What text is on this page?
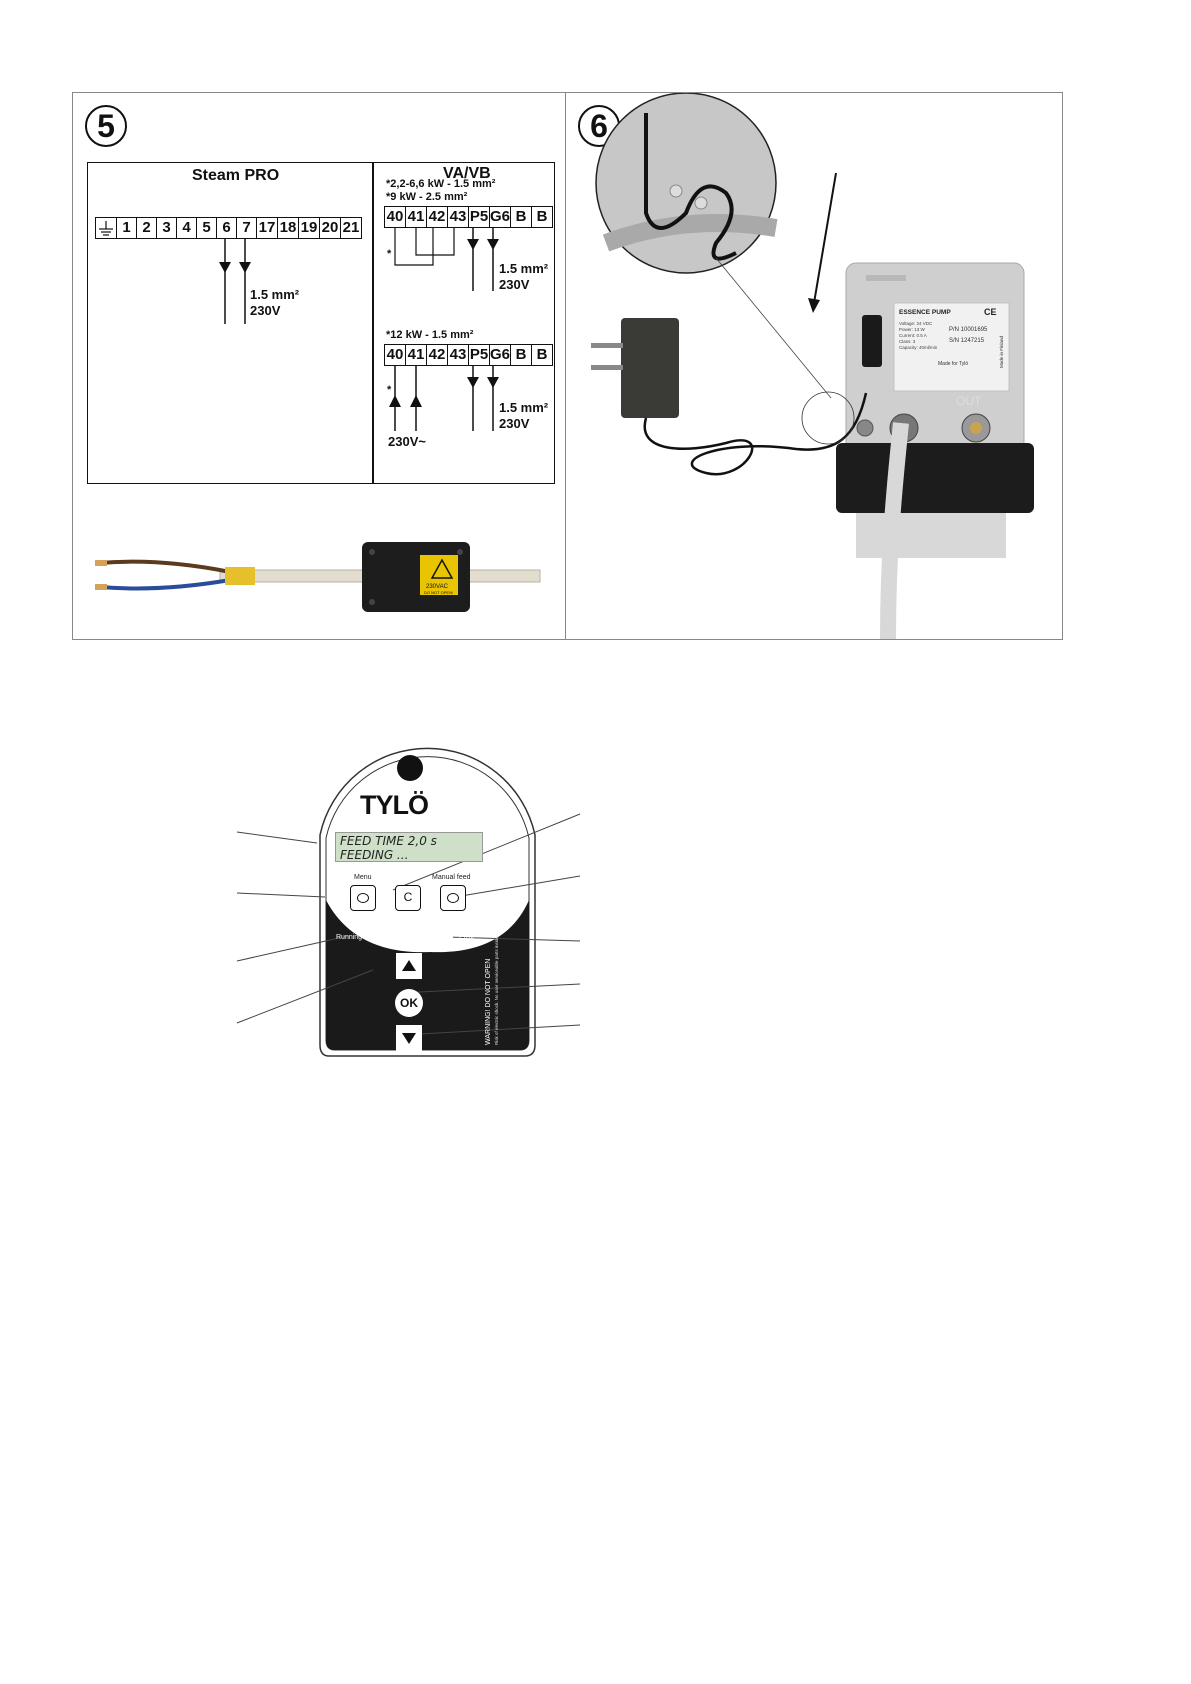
5
Steam PRO
1 2 3 4 5 6 7 17 18 19 20 21
1.5 mm²
230V
VA/VB
*2,2-6,6 kW - 1.5 mm²
*9 kW - 2.5 mm²
40 41 42 43 P5 G6 B B
*
1.5 mm²
230V
*12 kW - 1.5 mm²
40 41 42 43 P5 G6 B B
*
1.5 mm²
230V
230V~
230VAC
DO NOT OPEN!
6
ESSENCE PUMP	CE
Voltage: 24 VDC
Power: 13 W
Current: 0.5 A
Class: 3
Capacity: 40ml/min
P/N 10001695
S/N 1247215
Made for Tylö	Made in Finland
OUT
TYLÖ
FEED TIME 2,0 s
FEEDING ...
Menu
C
Manual feed
Running	Error
OK	WARNING! DO NOT OPEN Risk of electric shock. No user serviceable parts inside.
